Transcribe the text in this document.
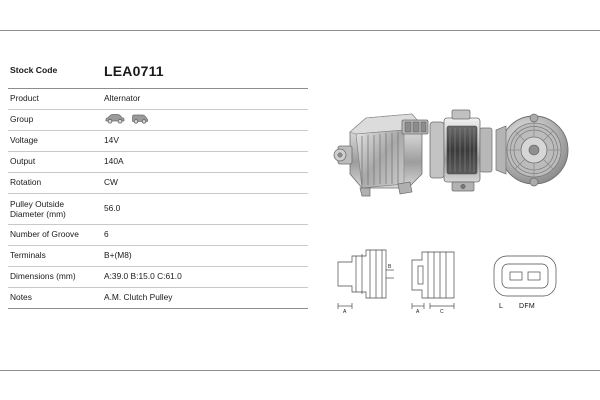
Stock Code	LEA0711
Product	Alternator
Group	

Voltage	14V
Output	140A
Rotation	CW

Pulley Outside
Diameter (mm)	56.0
Number of Groove	6
Terminals	B+(M8)
Dimensions (mm)	A:39.0 B:15.0 C:61.0
Notes	A.M. Clutch Pulley
A
B
A	C
L DFM
